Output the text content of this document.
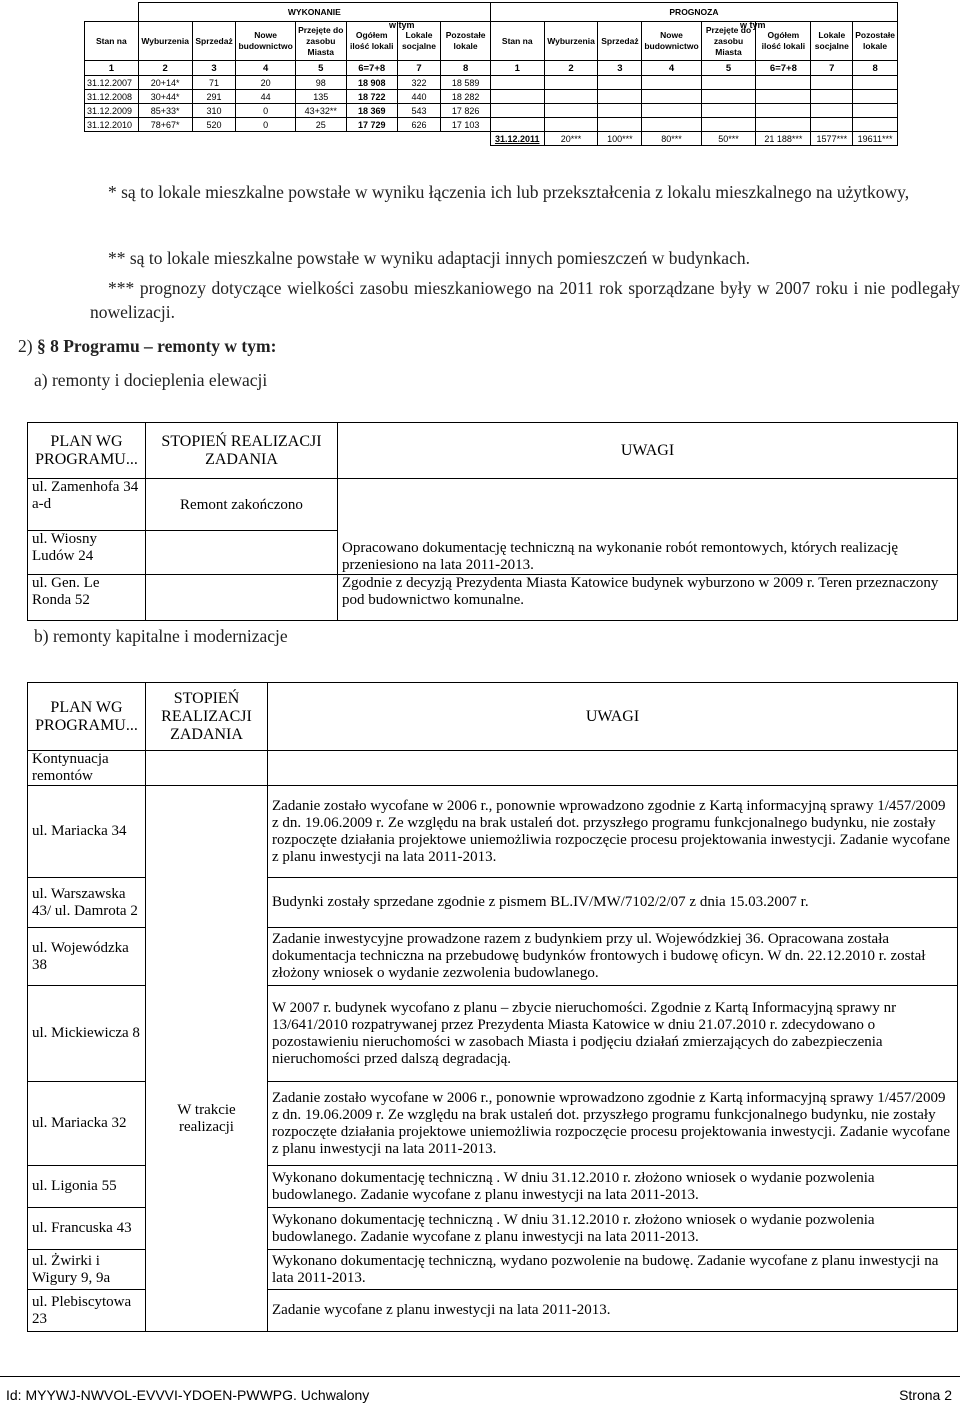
	WYKONANIE							PROGNOZA							
Stan na	Wyburzenia	Sprzedaż	Nowe budownictwo	Przejęte do zasobu Miasta	Ogółem ilość lokali	Lokale socjalne	Pozostałe lokale	Stan na	Wyburzenia	Sprzedaż	Nowe budownictwo	Przejęte do zasobu Miasta	Ogółem ilość lokali	Lokale socjalne	Pozostałe lokale
1	2	3	4	5	6=7+8	7	8	1	2	3	4	5	6=7+8	7	8
31.12.2007	20+14*	71	20	98	18 908	322	18 589								
31.12.2008	30+44*	291	44	135	18 722	440	18 282								
31.12.2009	85+33*	310	0	43+32**	18 369	543	17 826								
31.12.2010	78+67*	520	0	25	17 729	626	17 103								
								31.12.2011	20***	100***	80***	50***	21 188***	1577***	19611***
* są to lokale mieszkalne powstałe w wyniku łączenia ich lub przekształcenia z lokalu mieszkalnego na użytkowy,
** są to lokale mieszkalne powstałe w wyniku adaptacji innych pomieszczeń w budynkach.
*** prognozy dotyczące wielkości zasobu mieszkaniowego na 2011 rok sporządzane były w 2007 roku i nie podlegały nowelizacji.
2) § 8 Programu – remonty w tym:
a) remonty i docieplenia elewacji
PLAN WG PROGRAMU...	STOPIEŃ REALIZACJI ZADANIA	UWAGI
ul. Zamenhofa 34 a-d	Remont zakończono	
ul. Wiosny Ludów 24		Opracowano dokumentację techniczną na wykonanie robót remontowych, których realizację przeniesiono na lata 2011-2013.
ul. Gen. Le Ronda 52		Zgodnie z decyzją Prezydenta Miasta Katowice budynek wyburzono w 2009 r. Teren przeznaczony pod budownictwo komunalne.
b) remonty kapitalne i modernizacje
PLAN WG PROGRAMU...	STOPIEŃ REALIZACJI ZADANIA	UWAGI
Kontynuacja remontów		
ul. Mariacka 34	W trakcie realizacji	Zadanie zostało wycofane w 2006 r., ponownie wprowadzono zgodnie z Kartą informacyjną sprawy 1/457/2009 z dn. 19.06.2009 r. Ze względu na brak ustaleń dot. przyszłego programu funkcjonalnego budynku, nie zostały rozpoczęte działania projektowe uniemożliwia rozpoczęcie procesu projektowania inwestycji. Zadanie wycofane z planu inwestycji na lata 2011-2013.
ul. Warszawska 43/ ul. Damrota 2		Budynki zostały sprzedane zgodnie z pismem BL.IV/MW/7102/2/07 z dnia 15.03.2007 r.
ul. Wojewódzka 38		Zadanie inwestycyjne prowadzone razem z budynkiem przy ul. Wojewódzkiej 36. Opracowana została dokumentacja techniczna na przebudowę budynków frontowych i budowę oficyn. W dn. 22.12.2010 r. został złożony wniosek o wydanie zezwolenia budowlanego.
ul. Mickiewicza 8		W 2007 r. budynek wycofano z planu – zbycie nieruchomości. Zgodnie z Kartą Informacyjną sprawy nr 13/641/2010 rozpatrywanej przez Prezydenta Miasta Katowice w dniu 21.07.2010 r. zdecydowano o pozostawieniu nieruchomości w zasobach Miasta i podjęciu działań zmierzających do zabezpieczenia nieruchomości przed dalszą degradacją.
ul. Mariacka 32		Zadanie zostało wycofane w 2006 r., ponownie wprowadzono zgodnie z Kartą informacyjną sprawy 1/457/2009 z dn. 19.06.2009 r. Ze względu na brak ustaleń dot. przyszłego programu funkcjonalnego budynku, nie zostały rozpoczęte działania projektowe uniemożliwia rozpoczęcie procesu projektowania inwestycji. Zadanie wycofane z planu inwestycji na lata 2011-2013.
ul. Ligonia 55		Wykonano dokumentację techniczną . W dniu 31.12.2010 r. złożono wniosek o wydanie pozwolenia budowlanego. Zadanie wycofane z planu inwestycji na lata 2011-2013.
ul. Francuska 43		Wykonano dokumentację techniczną . W dniu 31.12.2010 r. złożono wniosek o wydanie pozwolenia budowlanego. Zadanie wycofane z planu inwestycji na lata 2011-2013.
ul. Żwirki i Wigury 9, 9a		Wykonano dokumentację techniczną, wydano pozwolenie na budowę. Zadanie wycofane z planu inwestycji na lata 2011-2013.
ul. Plebiscytowa 23		Zadanie wycofane z planu inwestycji na lata 2011-2013.
Id: MYYWJ-NWVOL-EVVVI-YDOEN-PWWPG. Uchwalony	Strona 2
w tym	w tym
